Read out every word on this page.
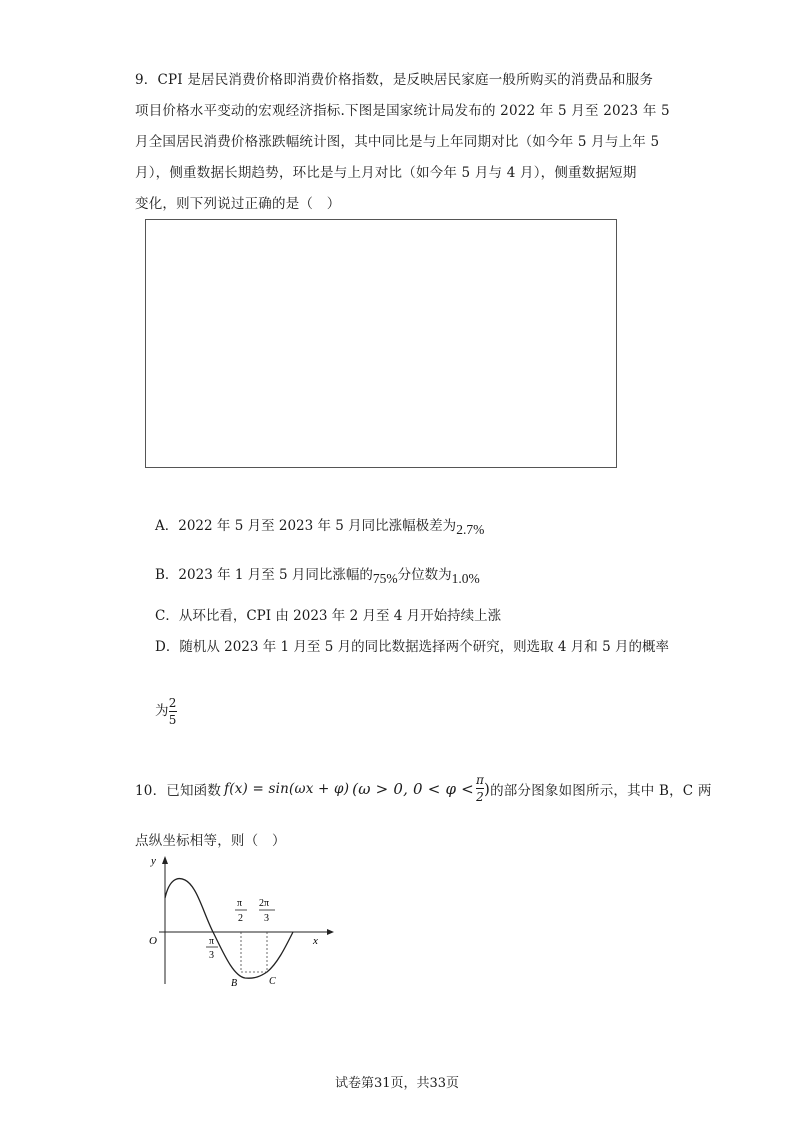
9．CPI 是居民消费价格即消费价格指数，是反映居民家庭一般所购买的消费品和服务
项目价格水平变动的宏观经济指标.下图是国家统计局发布的 2022 年 5 月至 2023 年 5
月全国居民消费价格涨跌幅统计图，其中同比是与上年同期对比（如今年 5 月与上年 5
月），侧重数据长期趋势，环比是与上月对比（如今年 5 月与 4 月），侧重数据短期
变化，则下列说过正确的是（　）
A．2022 年 5 月至 2023 年 5 月同比涨幅极差为2.7%
B．2023 年 1 月至 5 月同比涨幅的75%分位数为1.0%
C．从环比看，CPI 由 2023 年 2 月至 4 月开始持续上涨
D．随机从 2023 年 1 月至 5 月的同比数据选择两个研究，则选取 4 月和 5 月的概率
为 $\frac{2}{5}$
10．已知函数 f(x) = sin(ωx + φ) (ω > 0, $0 < \varphi < \frac{\pi}{2}$ ) 的部分图象如图所示，其中 B，C 两
点纵坐标相等，则（　）
y
x
O	π
3
π
2
2π
3
B	C
试卷第31页，共33页
